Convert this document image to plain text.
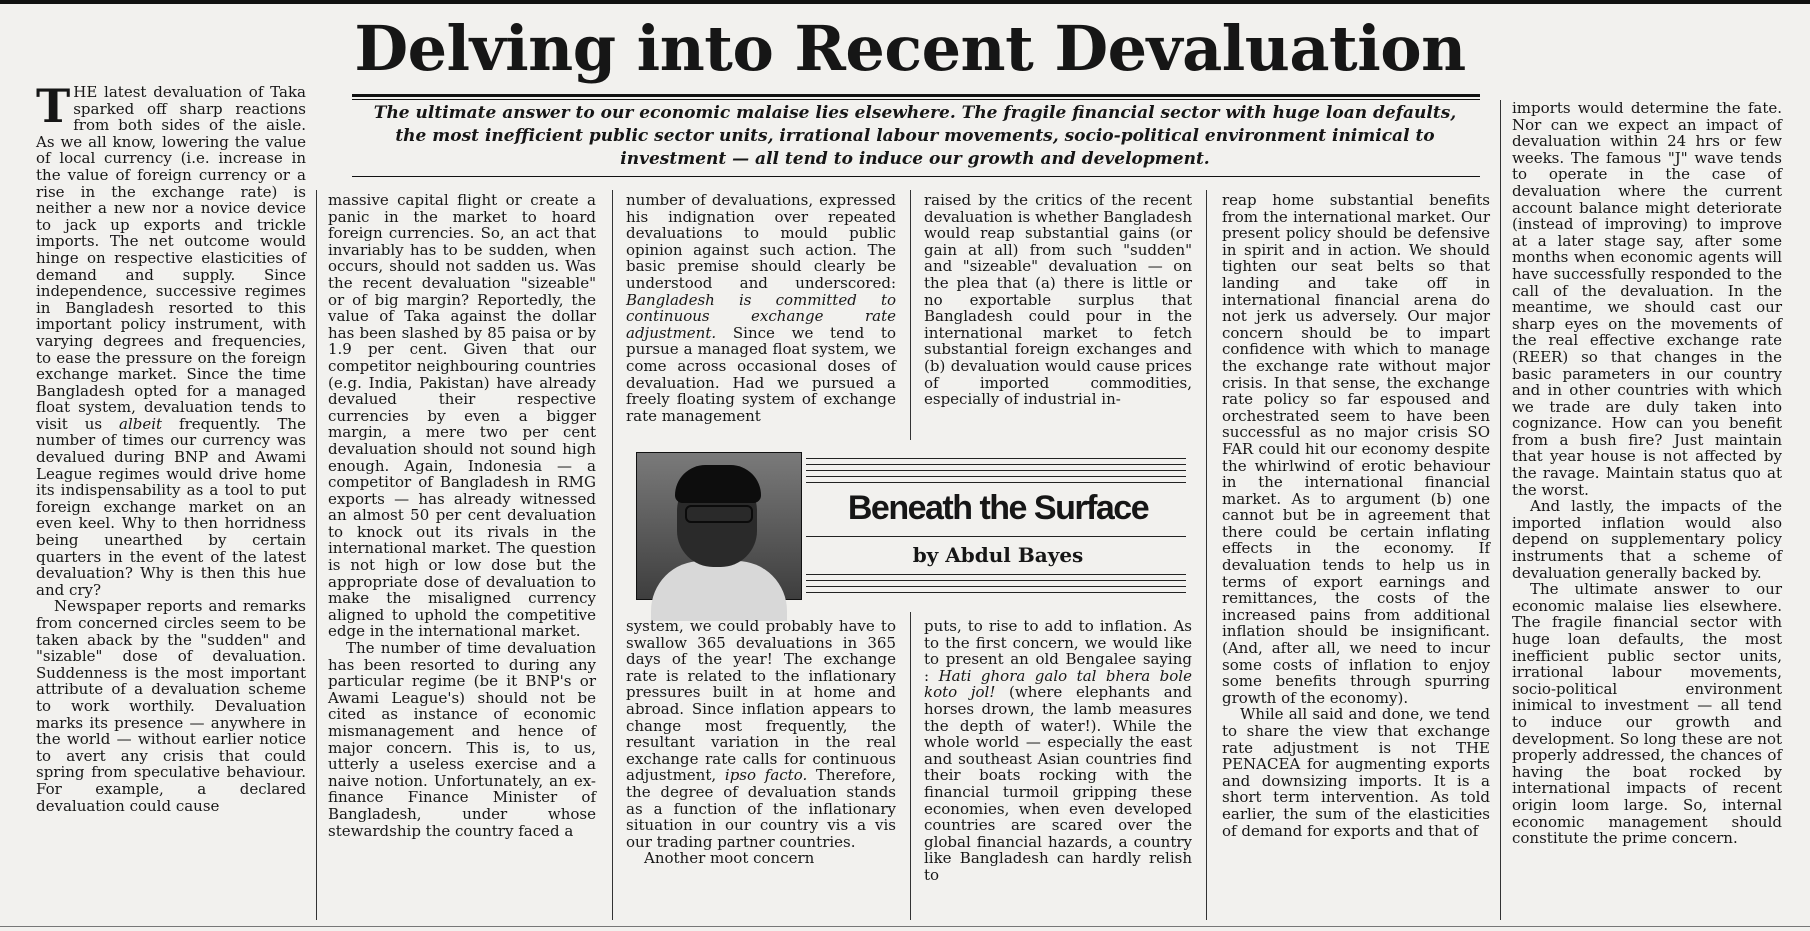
Delving into Recent Devaluation
The ultimate answer to our economic malaise lies elsewhere. The fragile financial sector with huge loan defaults, the most inefficient public sector units, irrational labour movements, socio-political environment inimical to investment — all tend to induce our growth and development.

THE latest devaluation of Taka sparked off sharp reactions from both sides of the aisle. As we all know, lowering the value of local currency (i.e. increase in the value of foreign currency or a rise in the exchange rate) is neither a new nor a novice device to jack up exports and trickle imports. The net outcome would hinge on respective elasticities of demand and supply. Since independence, successive regimes in Bangladesh resorted to this important policy instrument, with varying degrees and frequencies, to ease the pressure on the foreign exchange market. Since the time Bangladesh opted for a managed float system, devaluation tends to visit us albeit frequently. The number of times our currency was devalued during BNP and Awami League regimes would drive home its indispensability as a tool to put foreign exchange market on an even keel. Why to then horridness being unearthed by certain quarters in the event of the latest devaluation? Why is then this hue and cry?

Newspaper reports and remarks from concerned circles seem to be taken aback by the "sudden" and "sizable" dose of devaluation. Suddenness is the most important attribute of a devaluation scheme to work worthily. Devaluation marks its presence — anywhere in the world — without earlier notice to avert any crisis that could spring from speculative behaviour. For example, a declared devaluation could cause

massive capital flight or create a panic in the market to hoard foreign currencies. So, an act that invariably has to be sudden, when occurs, should not sadden us. Was the recent devaluation "sizeable" or of big margin? Reportedly, the value of Taka against the dollar has been slashed by 85 paisa or by 1.9 per cent. Given that our competitor neighbouring countries (e.g. India, Pakistan) have already devalued their respective currencies by even a bigger margin, a mere two per cent devaluation should not sound high enough. Again, Indonesia — a competitor of Bangladesh in RMG exports — has already witnessed an almost 50 per cent devaluation to knock out its rivals in the international market. The question is not high or low dose but the appropriate dose of devaluation to make the misaligned currency aligned to uphold the competitive edge in the international market.

The number of time devaluation has been resorted to during any particular regime (be it BNP's or Awami League's) should not be cited as instance of economic mismanagement and hence of major concern. This is, to us, utterly a useless exercise and a naive notion. Unfortunately, an ex-finance Finance Minister of Bangladesh, under whose stewardship the country faced a

number of devaluations, expressed his indignation over repeated devaluations to mould public opinion against such action. The basic premise should clearly be understood and underscored: Bangladesh is committed to continuous exchange rate adjustment. Since we tend to pursue a managed float system, we come across occasional doses of devaluation. Had we pursued a freely floating system of exchange rate management

raised by the critics of the recent devaluation is whether Bangladesh would reap substantial gains (or gain at all) from such "sudden" and "sizeable" devaluation — on the plea that (a) there is little or no exportable surplus that Bangladesh could pour in the international market to fetch substantial foreign exchanges and (b) devaluation would cause prices of imported commodities, especially of industrial in-

Beneath the Surface
by Abdul Bayes

system, we could probably have to swallow 365 devaluations in 365 days of the year! The exchange rate is related to the inflationary pressures built in at home and abroad. Since inflation appears to change most frequently, the resultant variation in the real exchange rate calls for continuous adjustment, ipso facto. Therefore, the degree of devaluation stands as a function of the inflationary situation in our country vis a vis our trading partner countries.

Another moot concern

puts, to rise to add to inflation. As to the first concern, we would like to present an old Bengalee saying : Hati ghora galo tal bhera bole koto jol! (where elephants and horses drown, the lamb measures the depth of water!). While the whole world — especially the east and southeast Asian countries find their boats rocking with the financial turmoil gripping these economies, when even developed countries are scared over the global financial hazards, a country like Bangladesh can hardly relish to

reap home substantial benefits from the international market. Our present policy should be defensive in spirit and in action. We should tighten our seat belts so that landing and take off in international financial arena do not jerk us adversely. Our major concern should be to impart confidence with which to manage the exchange rate without major crisis. In that sense, the exchange rate policy so far espoused and orchestrated seem to have been successful as no major crisis SO FAR could hit our economy despite the whirlwind of erotic behaviour in the international financial market. As to argument (b) one cannot but be in agreement that there could be certain inflating effects in the economy. If devaluation tends to help us in terms of export earnings and remittances, the costs of the increased pains from additional inflation should be insignificant. (And, after all, we need to incur some costs of inflation to enjoy some benefits through spurring growth of the economy).

While all said and done, we tend to share the view that exchange rate adjustment is not THE PENACEA for augmenting exports and downsizing imports. It is a short term intervention. As told earlier, the sum of the elasticities of demand for exports and that of

imports would determine the fate. Nor can we expect an impact of devaluation within 24 hrs or few weeks. The famous "J" wave tends to operate in the case of devaluation where the current account balance might deteriorate (instead of improving) to improve at a later stage say, after some months when economic agents will have successfully responded to the call of the devaluation. In the meantime, we should cast our sharp eyes on the movements of the real effective exchange rate (REER) so that changes in the basic parameters in our country and in other countries with which we trade are duly taken into cognizance. How can you benefit from a bush fire? Just maintain that year house is not affected by the ravage. Maintain status quo at the worst.

And lastly, the impacts of the imported inflation would also depend on supplementary policy instruments that a scheme of devaluation generally backed by.

The ultimate answer to our economic malaise lies elsewhere. The fragile financial sector with huge loan defaults, the most inefficient public sector units, irrational labour movements, socio-political environment inimical to investment — all tend to induce our growth and development. So long these are not properly addressed, the chances of having the boat rocked by international impacts of recent origin loom large. So, internal economic management should constitute the prime concern.
